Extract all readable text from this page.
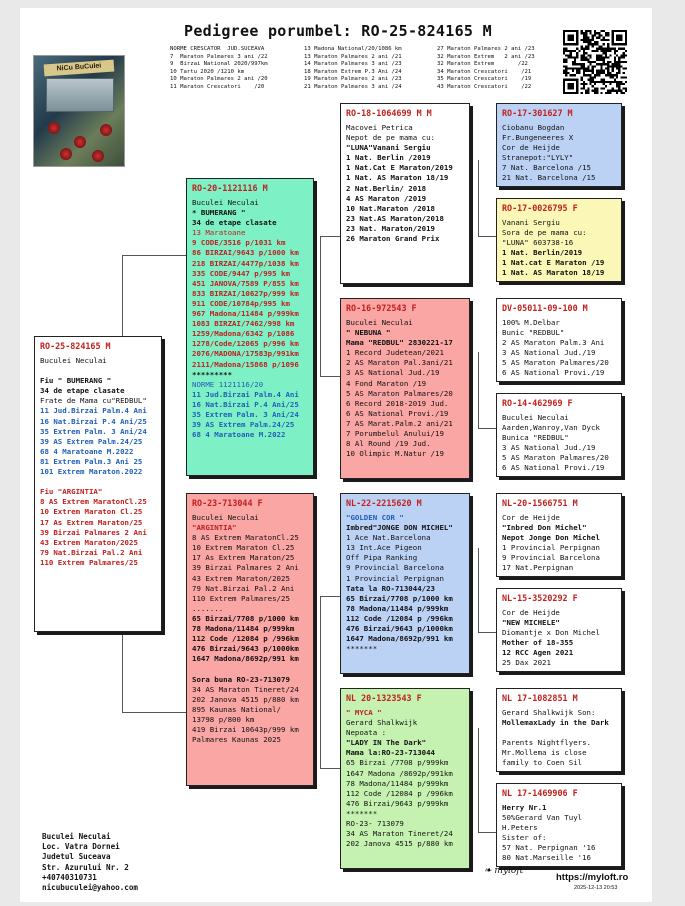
Pedigree porumbel: RO-25-824165 M
NORME CRESCATOR  JUD.SUCEAVA
7  Maraton Palmares 3 ani /22
9  Birzai National 2020/997km
10 Tartu 2020 /1210 km
10 Maraton Palmares 2 ani /20
11 Maraton Crescatori    /20
13 Madona National/20/1086 km
13 Maraton Palmares 2 ani /21
14 Maraton Palmares 3 ani /23
18 Maraton Extrem P.3 Ani /24
19 Maraton Palmares 2 ani /23
21 Maraton Palmares 3 ani /24
27 Maraton Palmares 2 ani /23
32 Maraton Extrem   2 ani /23
32 Maraton Extrem       /22
34 Maraton Crescatori    /21
35 Maraton Crescatori    /19
43 Maraton Crescatori    /22
NiCu BuCulei
RO-25-824165 M
Buculei Neculai
Fiu " BUMERANG "
34 de etape clasate
Frate de Mama cu"REDBUL"
11 Jud.Birzai Palm.4 Ani
16 Nat.Birzai P.4 Ani/25
35 Extrem Palm. 3 Ani/24
39 AS Extrem Palm.24/25
68 4 Maratoane M.2022
81 Extrem Palm.3 Ani 25
101 Extrem Maraton.2022
Fiu "ARGINTIA"
8 AS Extrem MaratonCl.25
10 Extrem Maraton Cl.25
17 As Extrem Maraton/25
39 Birzai Palmares 2 Ani
43 Extrem Maraton/2025
79 Nat.Birzai Pal.2 Ani
110 Extrem Palmares/25
RO-20-1121116 M
Buculei Neculai
* BUMERANG "
34 de etape clasate
13 Maratoane
9 CODE/3516 p/1031 km
86 BIRZAI/9643 p/1000 km
218 BIRZAI/4477p/1038 km
335 CODE/9447 p/995 km
451 JANOVA/7589 P/855 km
833 BIRZAI/10627p/999 km
911 CODE/10784p/995 km
967 Madona/11484 p/999km
1083 BIRZAI/7462/998 km
1259/Madona/6342 p/1086
1278/Code/12065 p/996 km
2076/MADONA/17583p/991km
2111/Madona/15868 p/1096
*********
NORME 1121116/20
11 Jud.Birzai Palm.4 Ani
16 Nat.Birzai P.4 Ani/25
35 Extrem Palm. 3 Ani/24
39 AS Extrem Palm.24/25
68 4 Maratoane M.2022
RO-23-713044 F
Buculei Neculai
"ARGINTIA"
8 AS Extrem MaratonCl.25
10 Extrem Maraton Cl.25
17 As Extrem Maraton/25
39 Birzai Palmares 2 Ani
43 Extrem Maraton/2025
79 Nat.Birzai Pal.2 Ani
110 Extrem Palmares/25
.......
65 Birzai/7708 p/1000 km
78 Madona/11484 p/999km
112 Code /12084 p /996km
476 Birzai/9643 p/1000km
1647 Madona/8692p/991 km
Sora buna RO-23-713079
34 AS Maraton Tineret/24
202 Janova 4515 p/880 km
895 Kaunas National/
13798 p/800 km
419 Birzai 10643p/999 km
Palmares Kaunas 2025
RO-18-1064699 M M
Macovei Petrica
Nepot de pe mama cu:
"LUNA"Vanani Sergiu
1 Nat. Berlin /2019
1 Nat.Cat E Maraton/2019
1 Nat. AS Maraton 18/19
2 Nat.Berlin/ 2018
4 AS Maraton /2019
10 Nat.Maraton /2018
23 Nat.AS Maraton/2018
23 Nat. Maraton/2019
26 Maraton Grand Prix
RO-16-972543 F
Buculei Neculai
" NEBUNA "
Mama "REDBUL" 2830221-17
1 Record Judetean/2021
2 AS Maraton Pal.3ani/21
3 AS National Jud./19
4 Fond Maraton /19
5 AS Maraton Palmares/20
6 Record 2018-2019 Jud.
6 AS National Provi./19
7 AS Marat.Palm.2 ani/21
7 Porumbelul Anului/19
8 Al Round /19 Jud.
10 Olimpic M.Natur /19
NL-22-2215620 M
"GOLDEN COR "
Imbred"JONGE DON MICHEL"
1 Ace Nat.Barcelona
13 Int.Ace Pigeon
Off Pipa Ranking
9 Provincial Barcelona
1 Provincial Perpignan
Tata la RO-713044/23
65 Birzai/7708 p/1000 km
78 Madona/11484 p/999km
112 Code /12084 p /996km
476 Birzai/9643 p/1000km
1647 Madona/8692p/991 km
*******
NL 20-1323543 F
" MYCA "
Gerard Shalkwijk
Nepoata :
"LADY IN The Dark"
Mama la:RO-23-713044
65 Birzai /7708 p/999km
1647 Madona /8692p/991km
78 Madona/11484 p/999km
112 Code /12084 p /996km
476 Birzai/9643 p/999km
*******
RO-23- 713079
34 AS Maraton Tineret/24
202 Janova 4515 p/880 km
RO-17-301627 M
Ciobanu Bogdan
Fr.Bungeneeres X
Cor de Heijde
Stranepot:"LYLY"
7 Nat. Barcelona /15
21 Nat. Barcelona /15
RO-17-0026795 F
Vanani Sergiu
Sora de pe mama cu:
"LUNA" 603738-16
1 Nat. Berlin/2019
1 Nat.cat E Maraton /19
1 Nat. AS Maraton 18/19
DV-05011-09-100 M
100% M.Delbar
Bunic "REDBUL"
2 AS Maraton Palm.3 Ani
3 AS National Jud./19
5 AS Maraton Palmares/20
6 AS National Provi./19
RO-14-462969 F
Buculei Neculai
Aarden,Wanroy,Van Dyck
Bunica "REDBUL"
3 AS National Jud./19
5 AS Maraton Palmares/20
6 AS National Provi./19
NL-20-1566751 M
Cor de Heijde
"Inbred Don Michel"
Nepot Jonge Don Michel
1 Provincial Perpignan
9 Provincial Barcelona
17 Nat.Perpignan
NL-15-3520292 F
Cor de Heijde
"NEW MICHELE"
Diomantje x Don Michel
Mother of 18-355
12 RCC Agen 2021
25 Dax 2021
NL 17-1082851 M
Gerard Shalkwijk Son:
MollemaxLady in the Dark
Parents Nightflyers.
Mr.Mollema is close
family to Coen Sil
NL 17-1469906 F
Herry Nr.1
50%Gerard Van Tuyl
H.Peters
Sister of:
57 Nat. Perpignan '16
80 Nat.Marseille '16
Buculei Neculai
Loc. Vatra Dornei
Judetul Suceava
Str. Azurului Nr. 2
+40740310731
nicubuculei@yahoo.com
❧ myloft
https://myloft.ro
2025-12-13 20:53
